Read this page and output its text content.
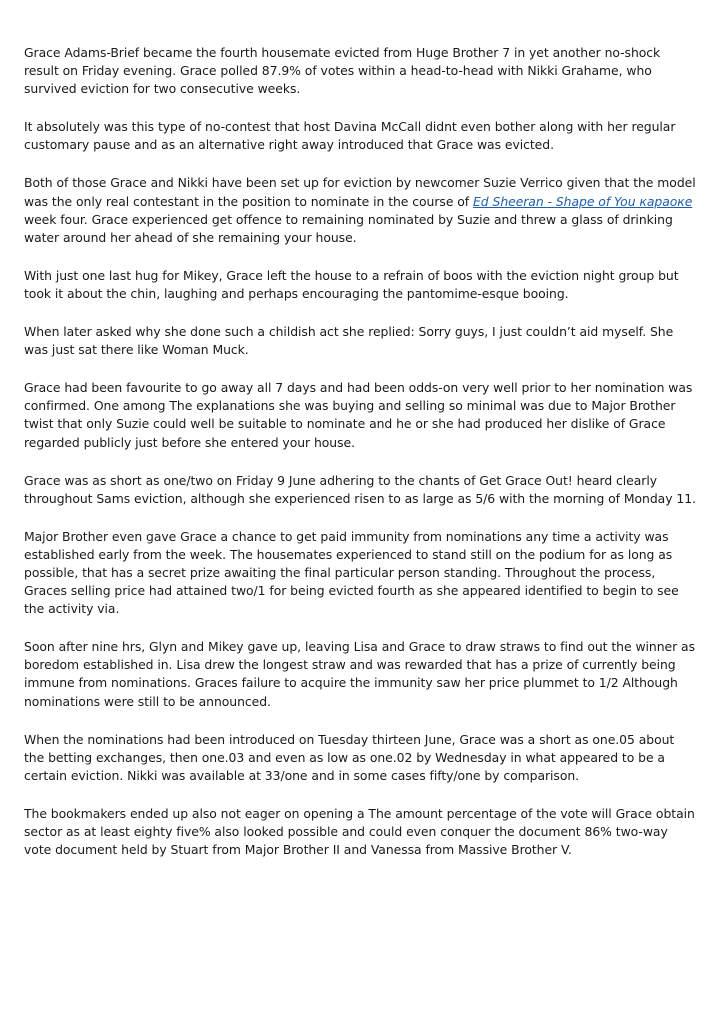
Grace Adams-Brief became the fourth housemate evicted from Huge Brother 7 in yet another no-shock result on Friday evening. Grace polled 87.9% of votes within a head-to-head with Nikki Grahame, who survived eviction for two consecutive weeks.

It absolutely was this type of no-contest that host Davina McCall didnt even bother along with her regular customary pause and as an alternative right away introduced that Grace was evicted.

Both of those Grace and Nikki have been set up for eviction by newcomer Suzie Verrico given that the model was the only real contestant in the position to nominate in the course of Ed Sheeran - Shape of You караоке week four. Grace experienced get offence to remaining nominated by Suzie and threw a glass of drinking water around her ahead of she remaining your house.

With just one last hug for Mikey, Grace left the house to a refrain of boos with the eviction night group but took it about the chin, laughing and perhaps encouraging the pantomime-esque booing.

When later asked why she done such a childish act she replied: Sorry guys, I just couldn’t aid myself. She was just sat there like Woman Muck.

Grace had been favourite to go away all 7 days and had been odds-on very well prior to her nomination was confirmed. One among The explanations she was buying and selling so minimal was due to Major Brother twist that only Suzie could well be suitable to nominate and he or she had produced her dislike of Grace regarded publicly just before she entered your house.

Grace was as short as one/two on Friday 9 June adhering to the chants of Get Grace Out! heard clearly throughout Sams eviction, although she experienced risen to as large as 5/6 with the morning of Monday 11.

Major Brother even gave Grace a chance to get paid immunity from nominations any time a activity was established early from the week. The housemates experienced to stand still on the podium for as long as possible, that has a secret prize awaiting the final particular person standing. Throughout the process, Graces selling price had attained two/1 for being evicted fourth as she appeared identified to begin to see the activity via.

Soon after nine hrs, Glyn and Mikey gave up, leaving Lisa and Grace to draw straws to find out the winner as boredom established in. Lisa drew the longest straw and was rewarded that has a prize of currently being immune from nominations. Graces failure to acquire the immunity saw her price plummet to 1/2 Although nominations were still to be announced.

When the nominations had been introduced on Tuesday thirteen June, Grace was a short as one.05 about the betting exchanges, then one.03 and even as low as one.02 by Wednesday in what appeared to be a certain eviction. Nikki was available at 33/one and in some cases fifty/one by comparison.

The bookmakers ended up also not eager on opening a The amount percentage of the vote will Grace obtain sector as at least eighty five% also looked possible and could even conquer the document 86% two-way vote document held by Stuart from Major Brother II and Vanessa from Massive Brother V.
